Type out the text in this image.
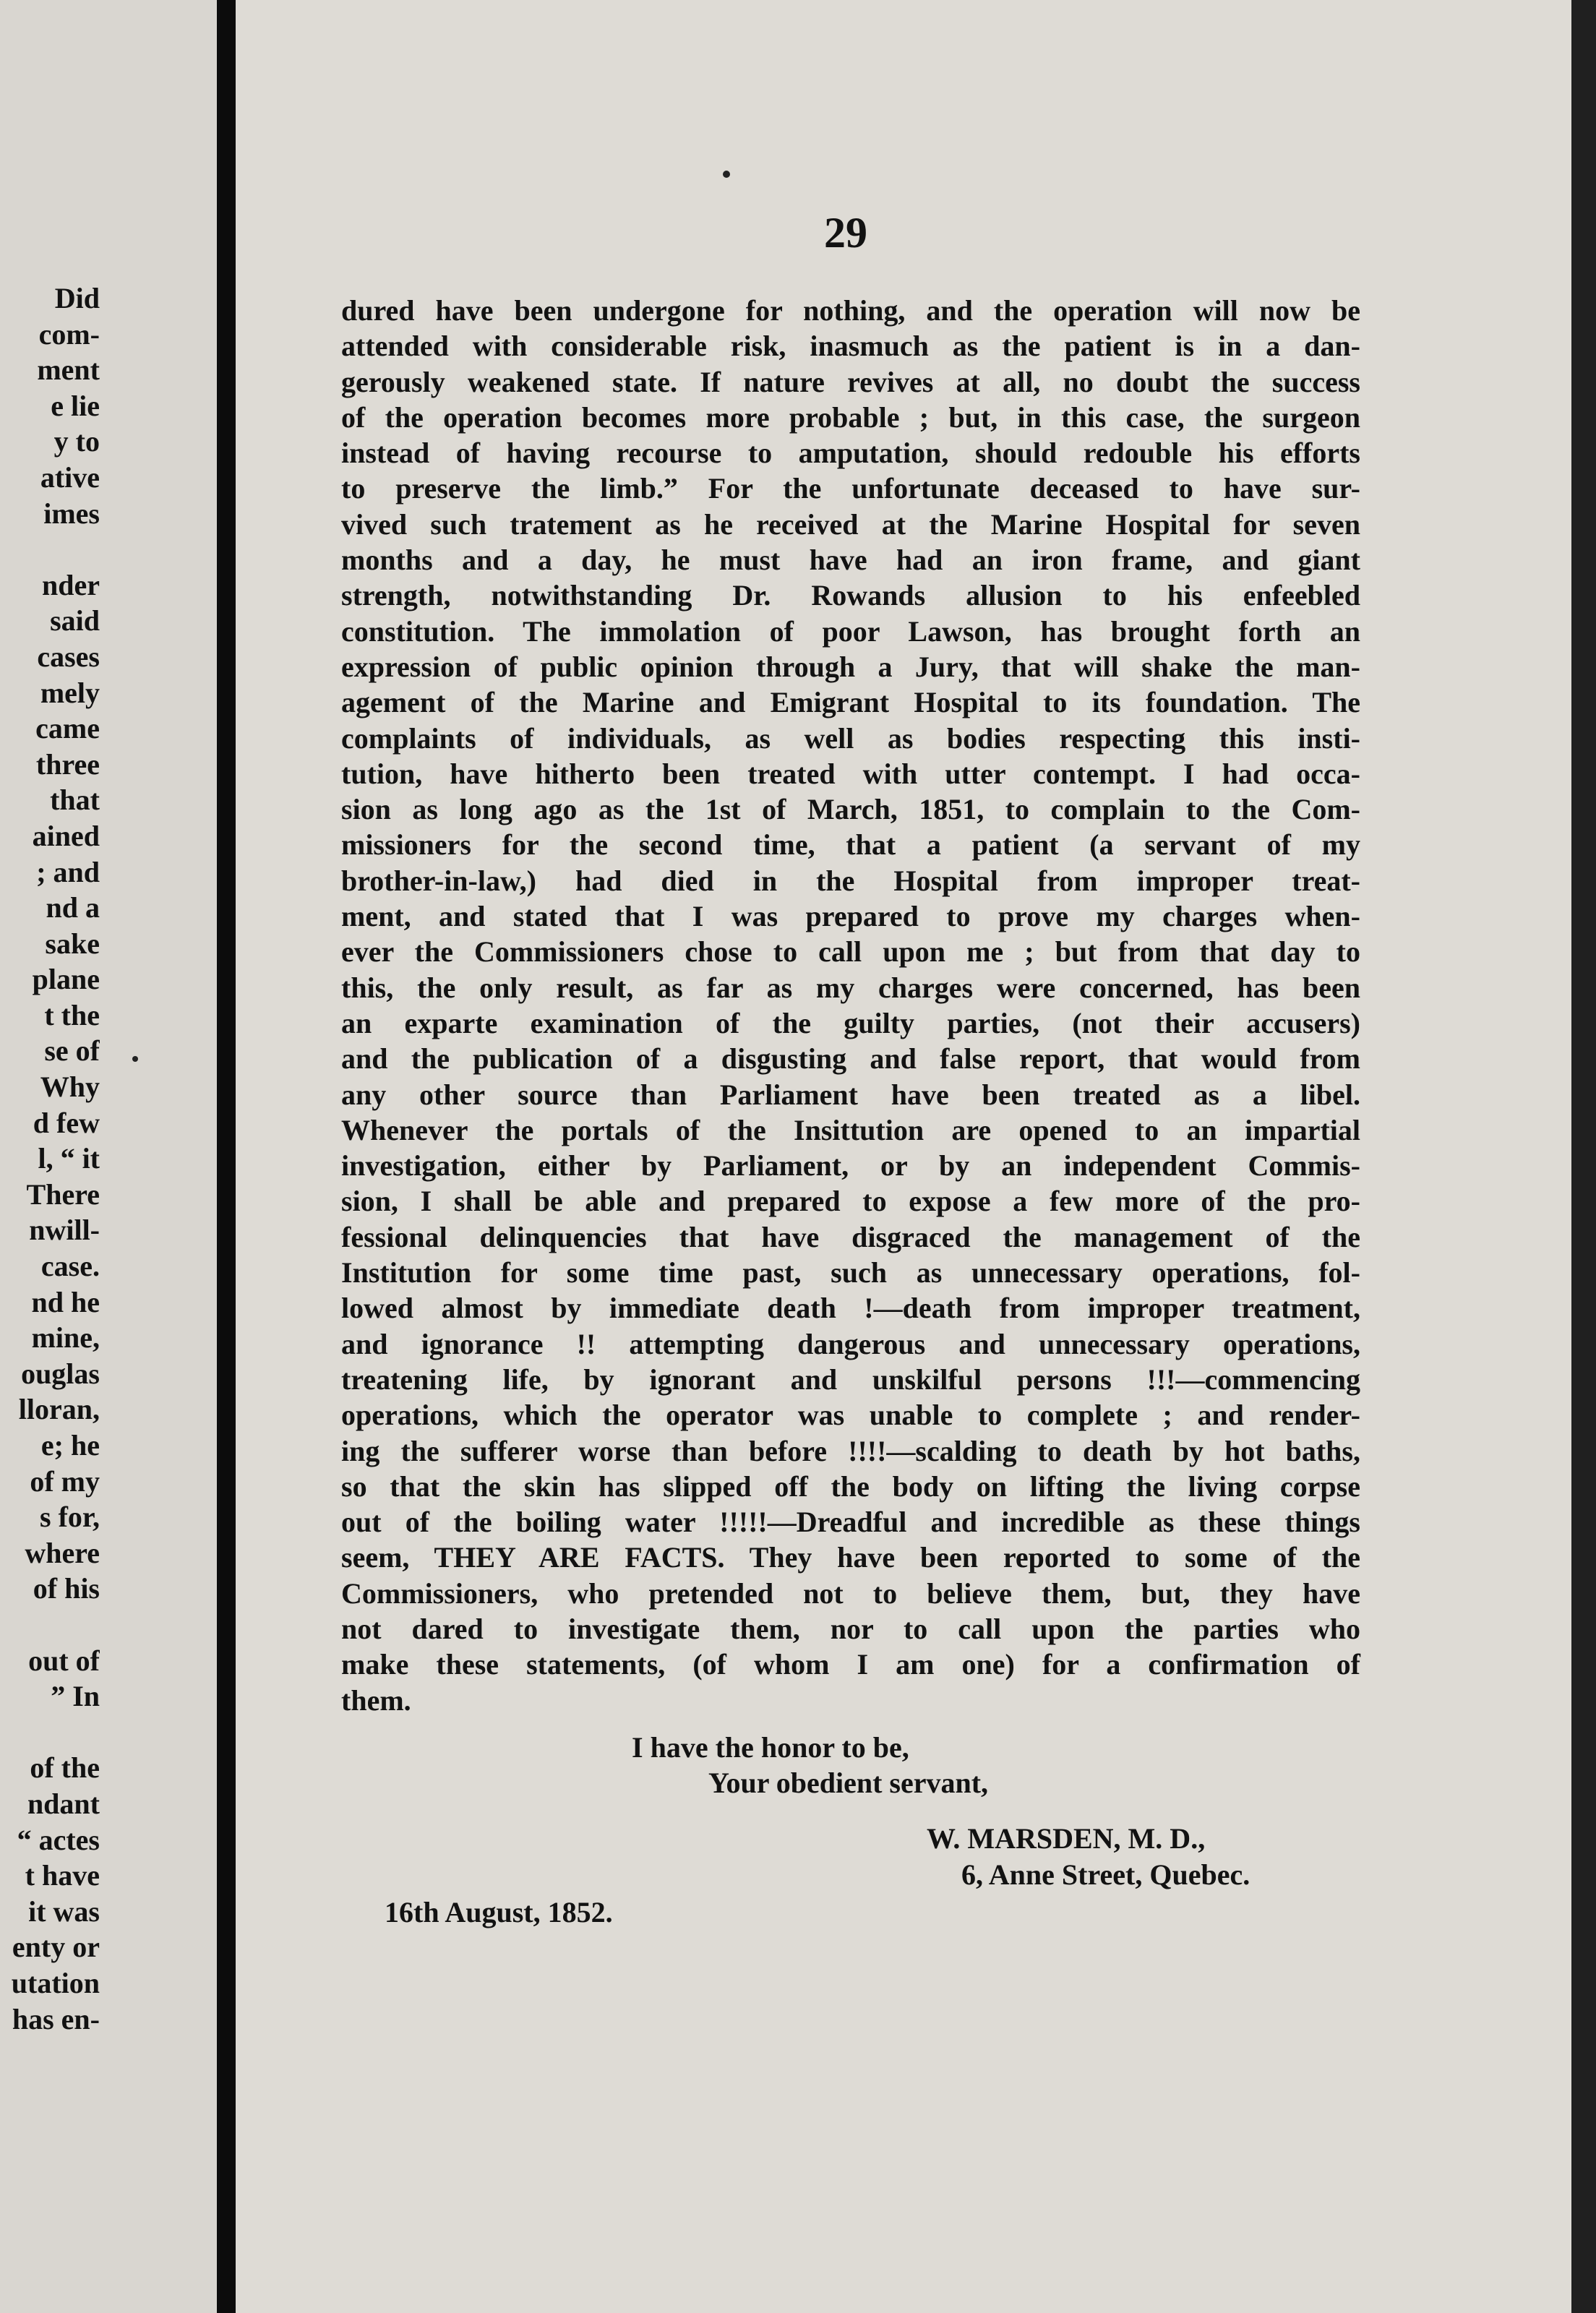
Did
com-
ment
e lie
y to
ative
imes
nder
said
cases
mely
came
three
that
ained
; and
nd a
sake
plane
t the
se of
Why
d few
l, “ it
There
nwill-
case.
nd he
mine,
ouglas
lloran,
e; he
of my
s for,
where
of his
out of
” In
of the
ndant
“ actes
t have
it was
enty or
utation
has en-
29
dured have been undergone for nothing, and the operation will now be
attended with considerable risk, inasmuch as the patient is in a dan-
gerously weakened state. If nature revives at all, no doubt the success
of the operation becomes more probable ; but, in this case, the surgeon
instead of having recourse to amputation, should redouble his efforts
to preserve the limb.” For the unfortunate deceased to have sur-
vived such tratement as he received at the Marine Hospital for seven
months and a day, he must have had an iron frame, and giant
strength, notwithstanding Dr. Rowands allusion to his enfeebled
constitution. The immolation of poor Lawson, has brought forth an
expression of public opinion through a Jury, that will shake the man-
agement of the Marine and Emigrant Hospital to its foundation. The
complaints of individuals, as well as bodies respecting this insti-
tution, have hitherto been treated with utter contempt. I had occa-
sion as long ago as the 1st of March, 1851, to complain to the Com-
missioners for the second time, that a patient (a servant of my
brother-in-law,) had died in the Hospital from improper treat-
ment, and stated that I was prepared to prove my charges when-
ever the Commissioners chose to call upon me ; but from that day to
this, the only result, as far as my charges were concerned, has been
an exparte examination of the guilty parties, (not their accusers)
and the publication of a disgusting and false report, that would from
any other source than Parliament have been treated as a libel.
Whenever the portals of the Insittution are opened to an impartial
investigation, either by Parliament, or by an independent Commis-
sion, I shall be able and prepared to expose a few more of the pro-
fessional delinquencies that have disgraced the management of the
Institution for some time past, such as unnecessary operations, fol-
lowed almost by immediate death !—death from improper treatment,
and ignorance !! attempting dangerous and unnecessary operations,
treatening life, by ignorant and unskilful persons !!!—commencing
operations, which the operator was unable to complete ; and render-
ing the sufferer worse than before !!!!—scalding to death by hot baths,
so that the skin has slipped off the body on lifting the living corpse
out of the boiling water !!!!!—Dreadful and incredible as these things
seem, THEY ARE FACTS. They have been reported to some of the
Commissioners, who pretended not to believe them, but, they have
not dared to investigate them, nor to call upon the parties who
make these statements, (of whom I am one) for a confirmation of
them.
I have the honor to be,
Your obedient servant,
W. MARSDEN, M. D.,
6, Anne Street, Quebec.
16th August, 1852.
